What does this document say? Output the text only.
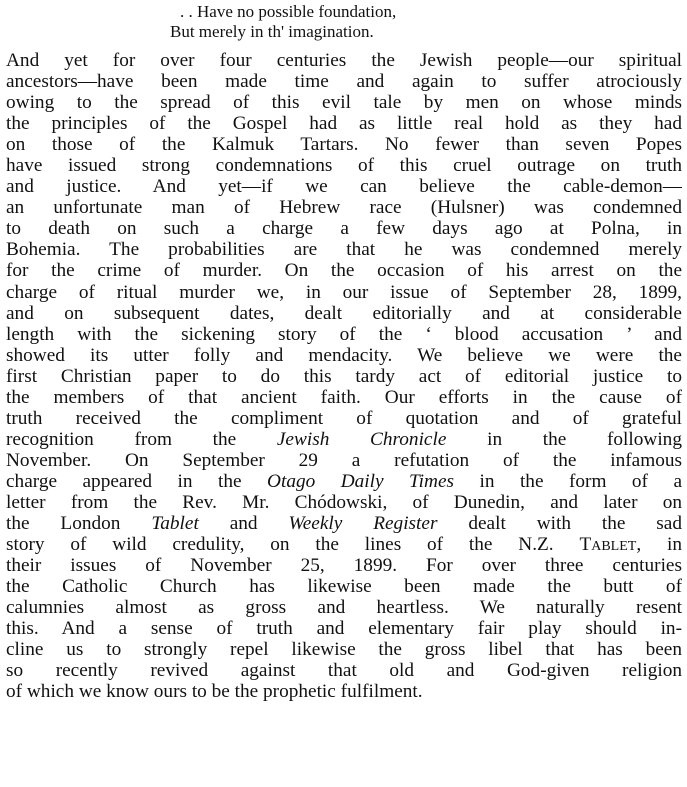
. . Have no possible foundation,
But merely in th' imagination.

And yet for over four centuries the Jewish people—our spiritual
ancestors—have been made time and again to suffer atrociously
owing to the spread of this evil tale by men on whose minds
the principles of the Gospel had as little real hold as they had
on those of the Kalmuk Tartars. No fewer than seven Popes
have issued strong condemnations of this cruel outrage on truth
and justice. And yet—if we can believe the cable-demon—
an unfortunate man of Hebrew race (Hulsner) was condemned
to death on such a charge a few days ago at Polna, in
Bohemia. The probabilities are that he was condemned merely
for the crime of murder. On the occasion of his arrest on the
charge of ritual murder we, in our issue of September 28, 1899,
and on subsequent dates, dealt editorially and at considerable
length with the sickening story of the ‘ blood accusation ’ and
showed its utter folly and mendacity. We believe we were the
first Christian paper to do this tardy act of editorial justice to
the members of that ancient faith. Our efforts in the cause of
truth received the compliment of quotation and of grateful
recognition from the Jewish Chronicle in the following
November. On September 29 a refutation of the infamous
charge appeared in the Otago Daily Times in the form of a
letter from the Rev. Mr. Chódowski, of Dunedin, and later on
the London Tablet and Weekly Register dealt with the sad
story of wild credulity, on the lines of the N.Z. Tablet, in
their issues of November 25, 1899. For over three centuries
the Catholic Church has likewise been made the butt of
calumnies almost as gross and heartless. We naturally resent
this. And a sense of truth and elementary fair play should in-
cline us to strongly repel likewise the gross libel that has been
so recently revived against that old and God-given religion
of which we know ours to be the prophetic fulfilment.
